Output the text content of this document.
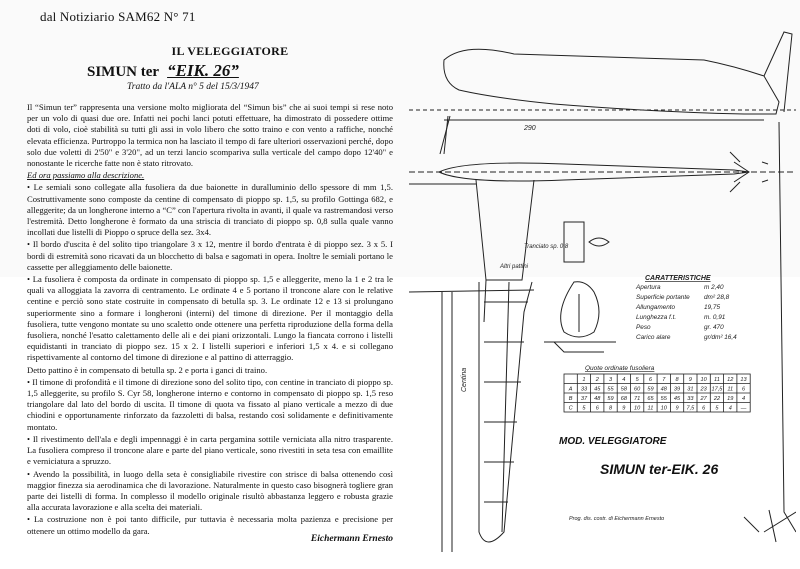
dal Notiziario SAM62 N° 71
IL VELEGGIATORE
SIMUN ter “EIK. 26”
Tratto da l'ALA n° 5 del 15/3/1947

Il “Simun ter” rappresenta una versione molto migliorata del “Simun bis” che ai suoi tempi si rese noto per un volo di quasi due ore. Infatti nei pochi lanci potuti effettuare, ha dimostrato di possedere ottime doti di volo, cioè stabilità su tutti gli assi in volo libero che sotto traino e con vento a raffiche, nonché elevata efficienza. Purtroppo la termica non ha lasciato il tempo di fare ulteriori osservazioni perché, dopo solo due voletti di 2'50" e 3'20", ad un terzi lancio scompariva sulla verticale del campo dopo 12'40" e nonostante le ricerche fatte non è stato ritrovato.

Ed ora passiamo alla descrizione.

• Le semiali sono collegate alla fusoliera da due baionette in duralluminio dello spessore di mm 1,5. Costruttivamente sono composte da centine di compensato di pioppo sp. 1,5, su profilo Gottinga 682, e alleggerite; da un longherone interno a “C” con l'apertura rivolta in avanti, il quale va rastremandosi verso l'estremità. Detto longherone è formato da una striscia di tranciato di pioppo sp. 0,8 sulla quale vanno incollati due listelli di Pioppo o spruce della sez. 3x4.

• Il bordo d'uscita è del solito tipo triangolare 3 x 12, mentre il bordo d'entrata è di pioppo sez. 3 x 5. I bordi di estremità sono ricavati da un blocchetto di balsa e sagomati in opera. Inoltre le semiali portano le cassette per alleggiamento delle baionette.

• La fusoliera è composta da ordinate in compensato di pioppo sp. 1,5 e alleggerite, meno la 1 e 2 tra le quali va alloggiata la zavorra di centramento. Le ordinate 4 e 5 portano il troncone alare con le relative centine e perciò sono state costruite in compensato di betulla sp. 3. Le ordinate 12 e 13 si prolungano superiormente sino a formare i longheroni (interni) del timone di direzione. Per il montaggio della fusoliera, tutte vengono montate su uno scaletto onde ottenere una perfetta riproduzione della forma della fusoliera, nonché l'esatto calettamento delle ali e dei piani orizzontali. Lungo la fiancata corrono i listelli equidistanti in tranciato di pioppo sez. 15 x 2. I listelli superiori e inferiori 1,5 x 4. e si collegano rispettivamente al contorno del timone di direzione e al pattino di atterraggio.

Detto pattino è in compensato di betulla sp. 2 e porta i ganci di traino.

• Il timone di profondità e il timone di direzione sono del solito tipo, con centine in tranciato di pioppo sp. 1,5 alleggerite, su profilo S. Cyr 58, longherone interno e contorno in compensato di pioppo sp. 1,5 reso triangolare dal lato del bordo di uscita. Il timone di quota va fissato al piano verticale a mezzo di due chiodini e opportunamente rinforzato da fazzoletti di balsa, restando così solidamente e definitivamente montato.

• Il rivestimento dell'ala e degli impennaggi è in carta pergamina sottile verniciata alla nitro trasparente. La fusoliera compreso il troncone alare e parte del piano verticale, sono rivestiti in seta tesa con emaillite e verniciatura a spruzzo.

• Avendo la possibilità, in luogo della seta è consigliabile rivestire con strisce di balsa ottenendo così maggior finezza sia aerodinamica che di lavorazione. Naturalmente in questo caso bisognerà togliere gran parte dei listelli di forma. In complesso il modello originale risultò abbastanza leggero e robusta grazie alla accurata lavorazione e alla scelta dei materiali.

• La costruzione non è poi tanto difficile, pur tuttavia è necessaria molta pazienza e precisione per ottenere un ottimo modello da gara.

Eichermann Ernesto
290
Tranciato sp. 0,8
Altri pattini
Centina
CARATTERISTICHE
Apertura	m 2,40
Superficie portante dm² 28,8
Allungamento	19,75
Lunghezza f.t.	m. 0,91
Peso	gr. 470
Carico alare	gr/dm² 16,4
Quote ordinate fusoliera
1 2 3 4 5 6 7 8 9 10 11 12 13
A 33 45 55 58 60 59 48 39 31 23 17,5 11 6
B 37 48 59 68 71 65 55 45 33 27 22 19 4
C 5 6 8 9 10 11 10 9 7,5 6 5 4 —
MOD. VELEGGIATORE
SIMUN ter-EIK. 26
Prog. dis. costr. di Eichermann Ernesto
